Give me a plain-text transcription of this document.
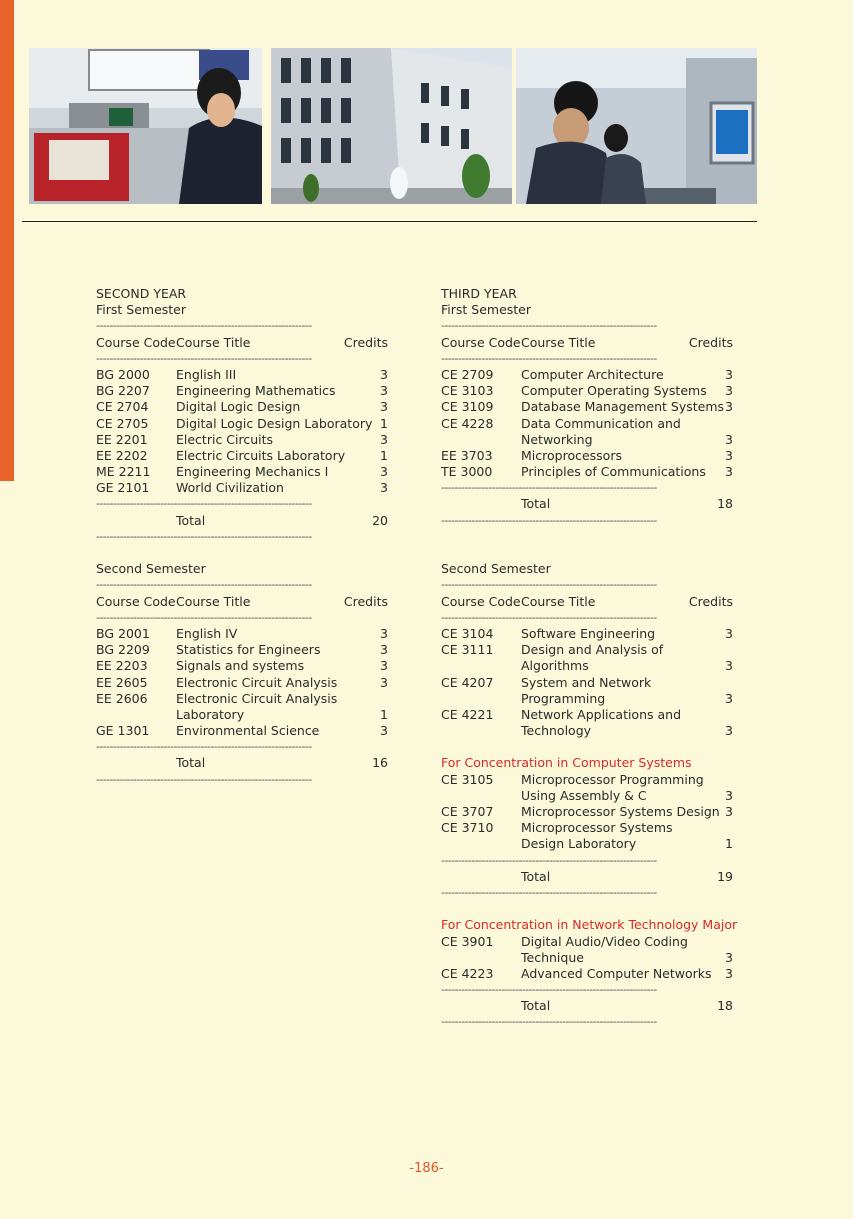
SECOND YEAR
First Semester
----------------------------------------------------------------
Course Code Course Title	Credits
----------------------------------------------------------------
BG 2000 English III	3
BG 2207 Engineering Mathematics	3
CE 2704 Digital Logic Design	3
CE 2705 Digital Logic Design Laboratory 1
EE 2201 Electric Circuits	3
EE 2202 Electric Circuits Laboratory	1
ME 2211 Engineering Mechanics I	3
GE 2101 World Civilization	3
----------------------------------------------------------------
Total	20
----------------------------------------------------------------
Second Semester
----------------------------------------------------------------
Course Code Course Title	Credits
----------------------------------------------------------------
BG 2001 English IV	3
BG 2209 Statistics for Engineers	3
EE 2203 Signals and systems	3
EE 2605 Electronic Circuit Analysis	3
EE 2606 Electronic Circuit Analysis
Laboratory	1
GE 1301 Environmental Science	3
----------------------------------------------------------------
Total	16
----------------------------------------------------------------
THIRD YEAR
First Semester
----------------------------------------------------------------
Course Code Course Title	Credits
----------------------------------------------------------------
CE 2709 Computer Architecture	3
CE 3103 Computer Operating Systems 3
CE 3109 Database Management Systems 3
CE 4228 Data Communication and
Networking	3
EE 3703 Microprocessors	3
TE 3000 Principles of Communications 3
----------------------------------------------------------------
Total	18
----------------------------------------------------------------
Second Semester
----------------------------------------------------------------
Course Code Course Title	Credits
----------------------------------------------------------------
CE 3104 Software Engineering	3
CE 3111 Design and Analysis of
Algorithms	3
CE 4207 System and Network
Programming	3
CE 4221 Network Applications and
Technology	3
For Concentration in Computer Systems
CE 3105 Microprocessor Programming
Using Assembly & C	3
CE 3707 Microprocessor Systems Design 3
CE 3710 Microprocessor Systems
Design Laboratory	1
----------------------------------------------------------------
Total	19
----------------------------------------------------------------
For Concentration in Network Technology Major
CE 3901 Digital Audio/Video Coding
Technique	3
CE 4223 Advanced Computer Networks 3
----------------------------------------------------------------
Total	18
----------------------------------------------------------------
-186-
